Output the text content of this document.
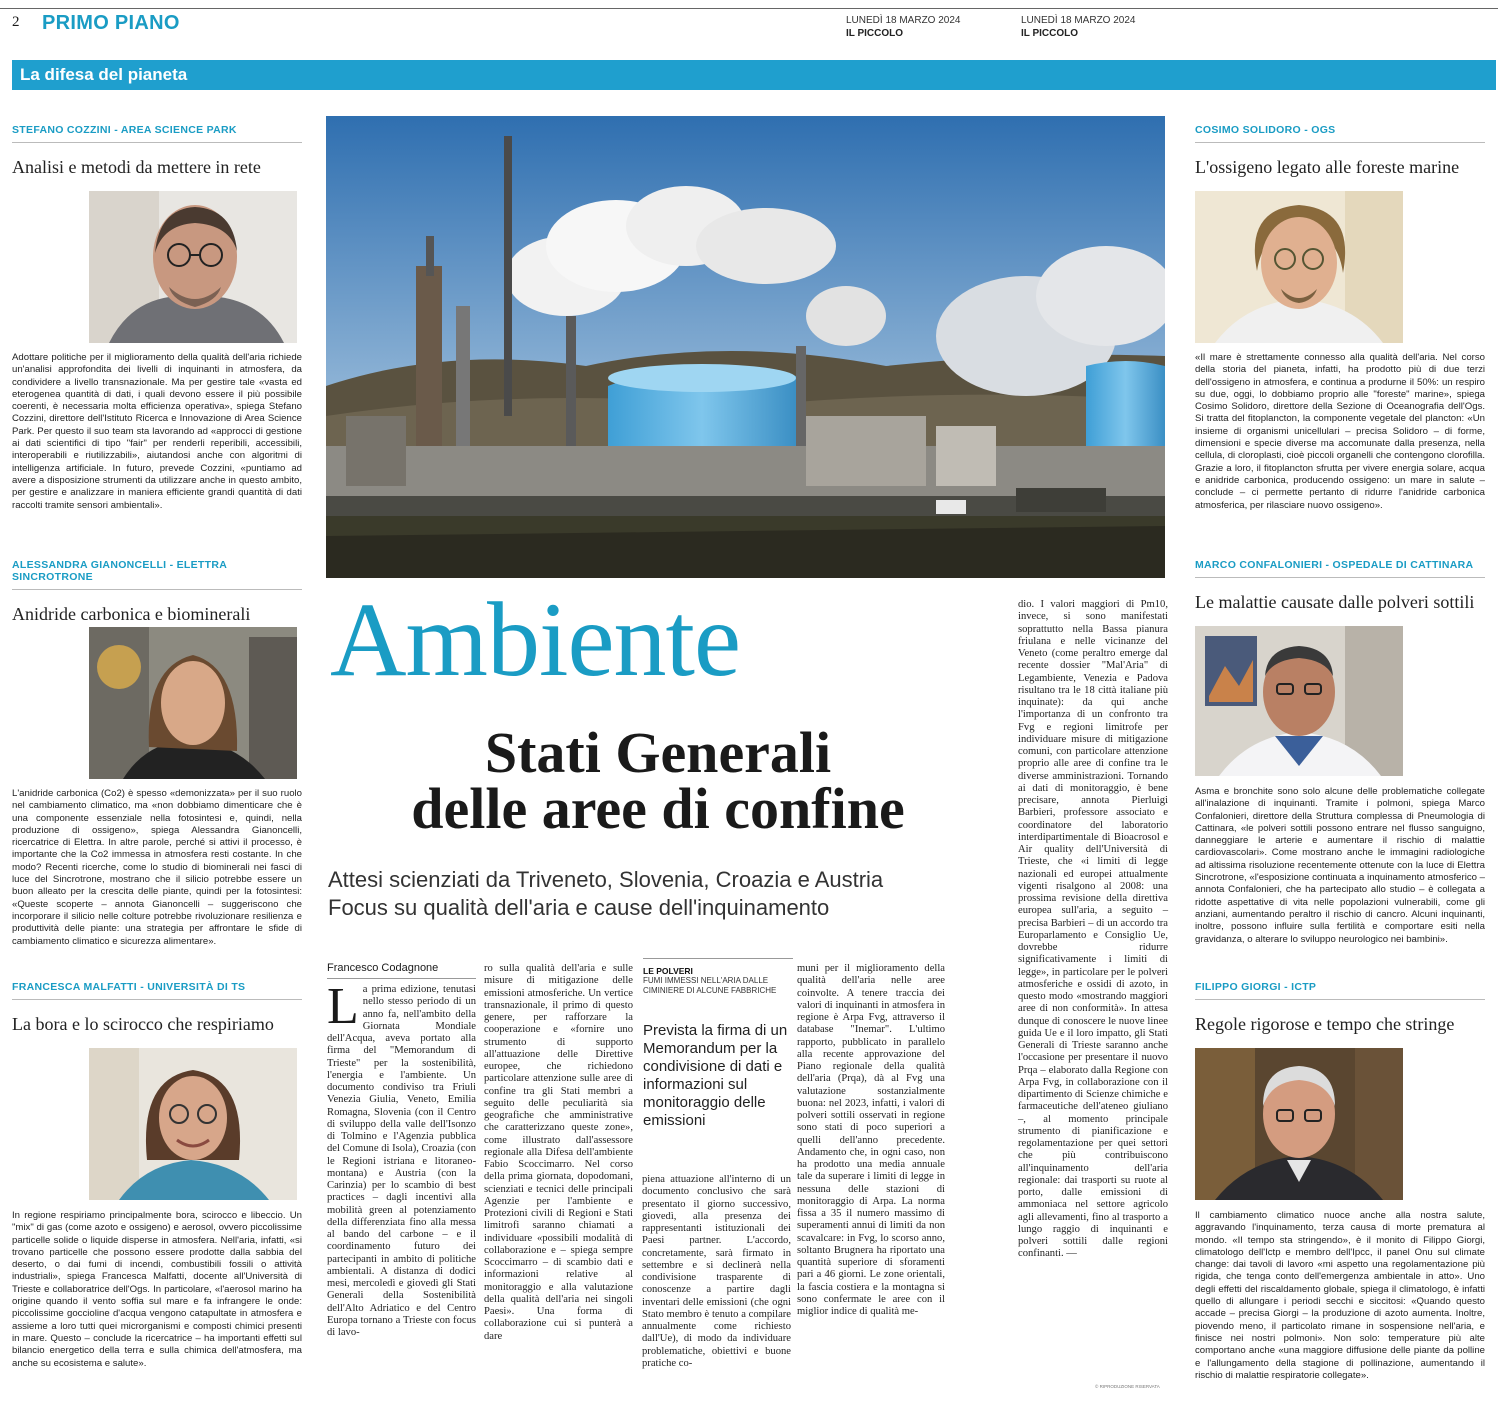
2 PRIMO PIANO	LUNEDÌ 18 MARZO 2024
IL PICCOLO
LUNEDÌ 18 MARZO 2024
IL PICCOLO
La difesa del pianeta
STEFANO COZZINI - AREA SCIENCE PARK
Analisi e metodi da mettere in rete
Adottare politiche per il miglioramento della qualità dell'aria richiede un'analisi approfondita dei livelli di inquinanti in atmosfera, da condividere a livello transnazionale. Ma per gestire tale «vasta ed eterogenea quantità di dati, i quali devono essere il più possibile coerenti, è necessaria molta efficienza operativa», spiega Stefano Cozzini, direttore dell'Istituto Ricerca e Innovazione di Area Science Park. Per questo il suo team sta lavorando ad «approcci di gestione ai dati scientifici di tipo "fair" per renderli reperibili, accessibili, interoperabili e riutilizzabili», aiutandosi anche con algoritmi di intelligenza artificiale. In futuro, prevede Cozzini, «puntiamo ad avere a disposizione strumenti da utilizzare anche in questo ambito, per gestire e analizzare in maniera efficiente grandi quantità di dati raccolti tramite sensori ambientali».
ALESSANDRA GIANONCELLI - ELETTRA SINCROTRONE
Anidride carbonica e biominerali
L'anidride carbonica (Co2) è spesso «demonizzata» per il suo ruolo nel cambiamento climatico, ma «non dobbiamo dimenticare che è una componente essenziale nella fotosintesi e, quindi, nella produzione di ossigeno», spiega Alessandra Gianoncelli, ricercatrice di Elettra. In altre parole, perché si attivi il processo, è importante che la Co2 immessa in atmosfera resti costante. In che modo? Recenti ricerche, come lo studio di biominerali nei fasci di luce del Sincrotrone, mostrano che il silicio potrebbe essere un buon alleato per la crescita delle piante, quindi per la fotosintesi: «Queste scoperte – annota Gianoncelli – suggeriscono che incorporare il silicio nelle colture potrebbe rivoluzionare resilienza e produttività delle piante: una strategia per affrontare le sfide di cambiamento climatico e sicurezza alimentare».
FRANCESCA MALFATTI - UNIVERSITÀ DI TS
La bora e lo scirocco che respiriamo
In regione respiriamo principalmente bora, scirocco e libeccio. Un "mix" di gas (come azoto e ossigeno) e aerosol, ovvero piccolissime particelle solide o liquide disperse in atmosfera. Nell'aria, infatti, «si trovano particelle che possono essere prodotte dalla sabbia del deserto, o dai fumi di incendi, combustibili fossili o attività industriali», spiega Francesca Malfatti, docente all'Università di Trieste e collaboratrice dell'Ogs. In particolare, «l'aerosol marino ha origine quando il vento soffia sul mare e fa infrangere le onde: piccolissime goccioline d'acqua vengono catapultate in atmosfera e assieme a loro tutti quei microrganismi e composti chimici presenti in mare. Questo – conclude la ricercatrice – ha importanti effetti sul bilancio energetico della terra e sulla chimica dell'atmosfera, ma anche su ecosistema e salute».
Ambiente
Stati Generali
delle aree di confine
Attesi scienziati da Triveneto, Slovenia, Croazia e Austria
Focus su qualità dell'aria e cause dell'inquinamento
Francesco Codagnone
La prima edizione, tenutasi nello stesso periodo di un anno fa, nell'ambito della Giornata Mondiale dell'Acqua, aveva portato alla firma del "Memorandum di Trieste" per la sostenibilità, l'energia e l'ambiente. Un documento condiviso tra Friuli Venezia Giulia, Veneto, Emilia Romagna, Slovenia (con il Centro di sviluppo della valle dell'Isonzo di Tolmino e l'Agenzia pubblica del Comune di Isola), Croazia (con le Regioni istriana e litoraneo-montana) e Austria (con la Carinzia) per lo scambio di best practices – dagli incentivi alla mobilità green al potenziamento della differenziata fino alla messa al bando del carbone – e il coordinamento futuro dei partecipanti in ambito di politiche ambientali. A distanza di dodici mesi, mercoledì e giovedì gli Stati Generali della Sostenibilità dell'Alto Adriatico e del Centro Europa tornano a Trieste con focus di lavo-
ro sulla qualità dell'aria e sulle misure di mitigazione delle emissioni atmosferiche. Un vertice transnazionale, il primo di questo genere, per rafforzare la cooperazione e «fornire uno strumento di supporto all'attuazione delle Direttive europee, che richiedono particolare attenzione sulle aree di confine tra gli Stati membri a seguito delle peculiarità sia geografiche che amministrative che caratterizzano queste zone», come illustrato dall'assessore regionale alla Difesa dell'ambiente Fabio Scoccimarro. Nel corso della prima giornata, dopodomani, scienziati e tecnici delle principali Agenzie per l'ambiente e Protezioni civili di Regioni e Stati limitrofi saranno chiamati a individuare «possibili modalità di collaborazione e – spiega sempre Scoccimarro – di scambio dati e informazioni relative al monitoraggio e alla valutazione della qualità dell'aria nei singoli Paesi». Una forma di collaborazione cui si punterà a dare
LE POLVERI
FUMI IMMESSI NELL'ARIA DALLE CIMINIERE DI ALCUNE FABBRICHE
Prevista la firma di un Memorandum per la condivisione di dati e informazioni sul monitoraggio delle emissioni
piena attuazione all'interno di un documento conclusivo che sarà presentato il giorno successivo, giovedì, alla presenza dei rappresentanti istituzionali dei Paesi partner. L'accordo, concretamente, sarà firmato in settembre e si declinerà nella condivisione trasparente di conoscenze a partire dagli inventari delle emissioni (che ogni Stato membro è tenuto a compilare annualmente come richiesto dall'Ue), di modo da individuare problematiche, obiettivi e buone pratiche co-
muni per il miglioramento della qualità dell'aria nelle aree coinvolte. A tenere traccia dei valori di inquinanti in atmosfera in regione è Arpa Fvg, attraverso il database "Inemar". L'ultimo rapporto, pubblicato in parallelo alla recente approvazione del Piano regionale della qualità dell'aria (Prqa), dà al Fvg una valutazione sostanzialmente buona: nel 2023, infatti, i valori di polveri sottili osservati in regione sono stati di poco superiori a quelli dell'anno precedente. Andamento che, in ogni caso, non ha prodotto una media annuale tale da superare i limiti di legge in nessuna delle stazioni di monitoraggio di Arpa. La norma fissa a 35 il numero massimo di superamenti annui di limiti da non scavalcare: in Fvg, lo scorso anno, soltanto Brugnera ha riportato una quantità superiore di sforamenti pari a 46 giorni. Le zone orientali, la fascia costiera e la montagna si sono confermate le aree con il miglior indice di qualità me-
dio. I valori maggiori di Pm10, invece, si sono manifestati soprattutto nella Bassa pianura friulana e nelle vicinanze del Veneto (come peraltro emerge dal recente dossier "Mal'Aria" di Legambiente, Venezia e Padova risultano tra le 18 città italiane più inquinate): da qui anche l'importanza di un confronto tra Fvg e regioni limitrofe per individuare misure di mitigazione comuni, con particolare attenzione proprio alle aree di confine tra le diverse amministrazioni. Tornando ai dati di monitoraggio, è bene precisare, annota Pierluigi Barbieri, professore associato e coordinatore del laboratorio interdipartimentale di Bioacrosol e Air quality dell'Università di Trieste, che «i limiti di legge nazionali ed europei attualmente vigenti risalgono al 2008: una prossima revisione della direttiva europea sull'aria, a seguito – precisa Barbieri – di un accordo tra Europarlamento e Consiglio Ue, dovrebbe ridurre significativamente i limiti di legge», in particolare per le polveri atmosferiche e ossidi di azoto, in questo modo «mostrando maggiori aree di non conformità». In attesa dunque di conoscere le nuove linee guida Ue e il loro impatto, gli Stati Generali di Trieste saranno anche l'occasione per presentare il nuovo Prqa – elaborato dalla Regione con Arpa Fvg, in collaborazione con il dipartimento di Scienze chimiche e farmaceutiche dell'ateneo giuliano –, al momento principale strumento di pianificazione e regolamentazione per quei settori che più contribuiscono all'inquinamento dell'aria regionale: dai trasporti su ruote al porto, dalle emissioni di ammoniaca nel settore agricolo agli allevamenti, fino al trasporto a lungo raggio di inquinanti e polveri sottili dalle regioni confinanti. —
© RIPRODUZIONE RISERVATA
COSIMO SOLIDORO - OGS
L'ossigeno legato alle foreste marine
«Il mare è strettamente connesso alla qualità dell'aria. Nel corso della storia del pianeta, infatti, ha prodotto più di due terzi dell'ossigeno in atmosfera, e continua a produrne il 50%: un respiro su due, oggi, lo dobbiamo proprio alle "foreste" marine», spiega Cosimo Solidoro, direttore della Sezione di Oceanografia dell'Ogs. Si tratta del fitoplancton, la componente vegetale del plancton: «Un insieme di organismi unicellulari – precisa Solidoro – di forme, dimensioni e specie diverse ma accomunate dalla presenza, nella cellula, di cloroplasti, cioè piccoli organelli che contengono clorofilla. Grazie a loro, il fitoplancton sfrutta per vivere energia solare, acqua e anidride carbonica, producendo ossigeno: un mare in salute – conclude – ci permette pertanto di ridurre l'anidride carbonica atmosferica, per rilasciare nuovo ossigeno».
MARCO CONFALONIERI - OSPEDALE DI CATTINARA
Le malattie causate dalle polveri sottili
Asma e bronchite sono solo alcune delle problematiche collegate all'inalazione di inquinanti. Tramite i polmoni, spiega Marco Confalonieri, direttore della Struttura complessa di Pneumologia di Cattinara, «le polveri sottili possono entrare nel flusso sanguigno, danneggiare le arterie e aumentare il rischio di malattie cardiovascolari». Come mostrano anche le immagini radiologiche ad altissima risoluzione recentemente ottenute con la luce di Elettra Sincrotrone, «l'esposizione continuata a inquinamento atmosferico – annota Confalonieri, che ha partecipato allo studio – è collegata a ridotte aspettative di vita nelle popolazioni vulnerabili, come gli anziani, aumentando peraltro il rischio di cancro. Alcuni inquinanti, inoltre, possono influire sulla fertilità e comportare esiti nella gravidanza, o alterare lo sviluppo neurologico nei bambini».
FILIPPO GIORGI - ICTP
Regole rigorose e tempo che stringe
Il cambiamento climatico nuoce anche alla nostra salute, aggravando l'inquinamento, terza causa di morte prematura al mondo. «Il tempo sta stringendo», è il monito di Filippo Giorgi, climatologo dell'Ictp e membro dell'Ipcc, il panel Onu sul climate change: dai tavoli di lavoro «mi aspetto una regolamentazione più rigida, che tenga conto dell'emergenza ambientale in atto». Uno degli effetti del riscaldamento globale, spiega il climatologo, è infatti quello di allungare i periodi secchi e siccitosi: «Quando questo accade – precisa Giorgi – la produzione di azoto aumenta. Inoltre, piovendo meno, il particolato rimane in sospensione nell'aria, e finisce nei nostri polmoni». Non solo: temperature più alte comportano anche «una maggiore diffusione delle piante da polline e l'allungamento della stagione di pollinazione, aumentando il rischio di malattie respiratorie collegate».
